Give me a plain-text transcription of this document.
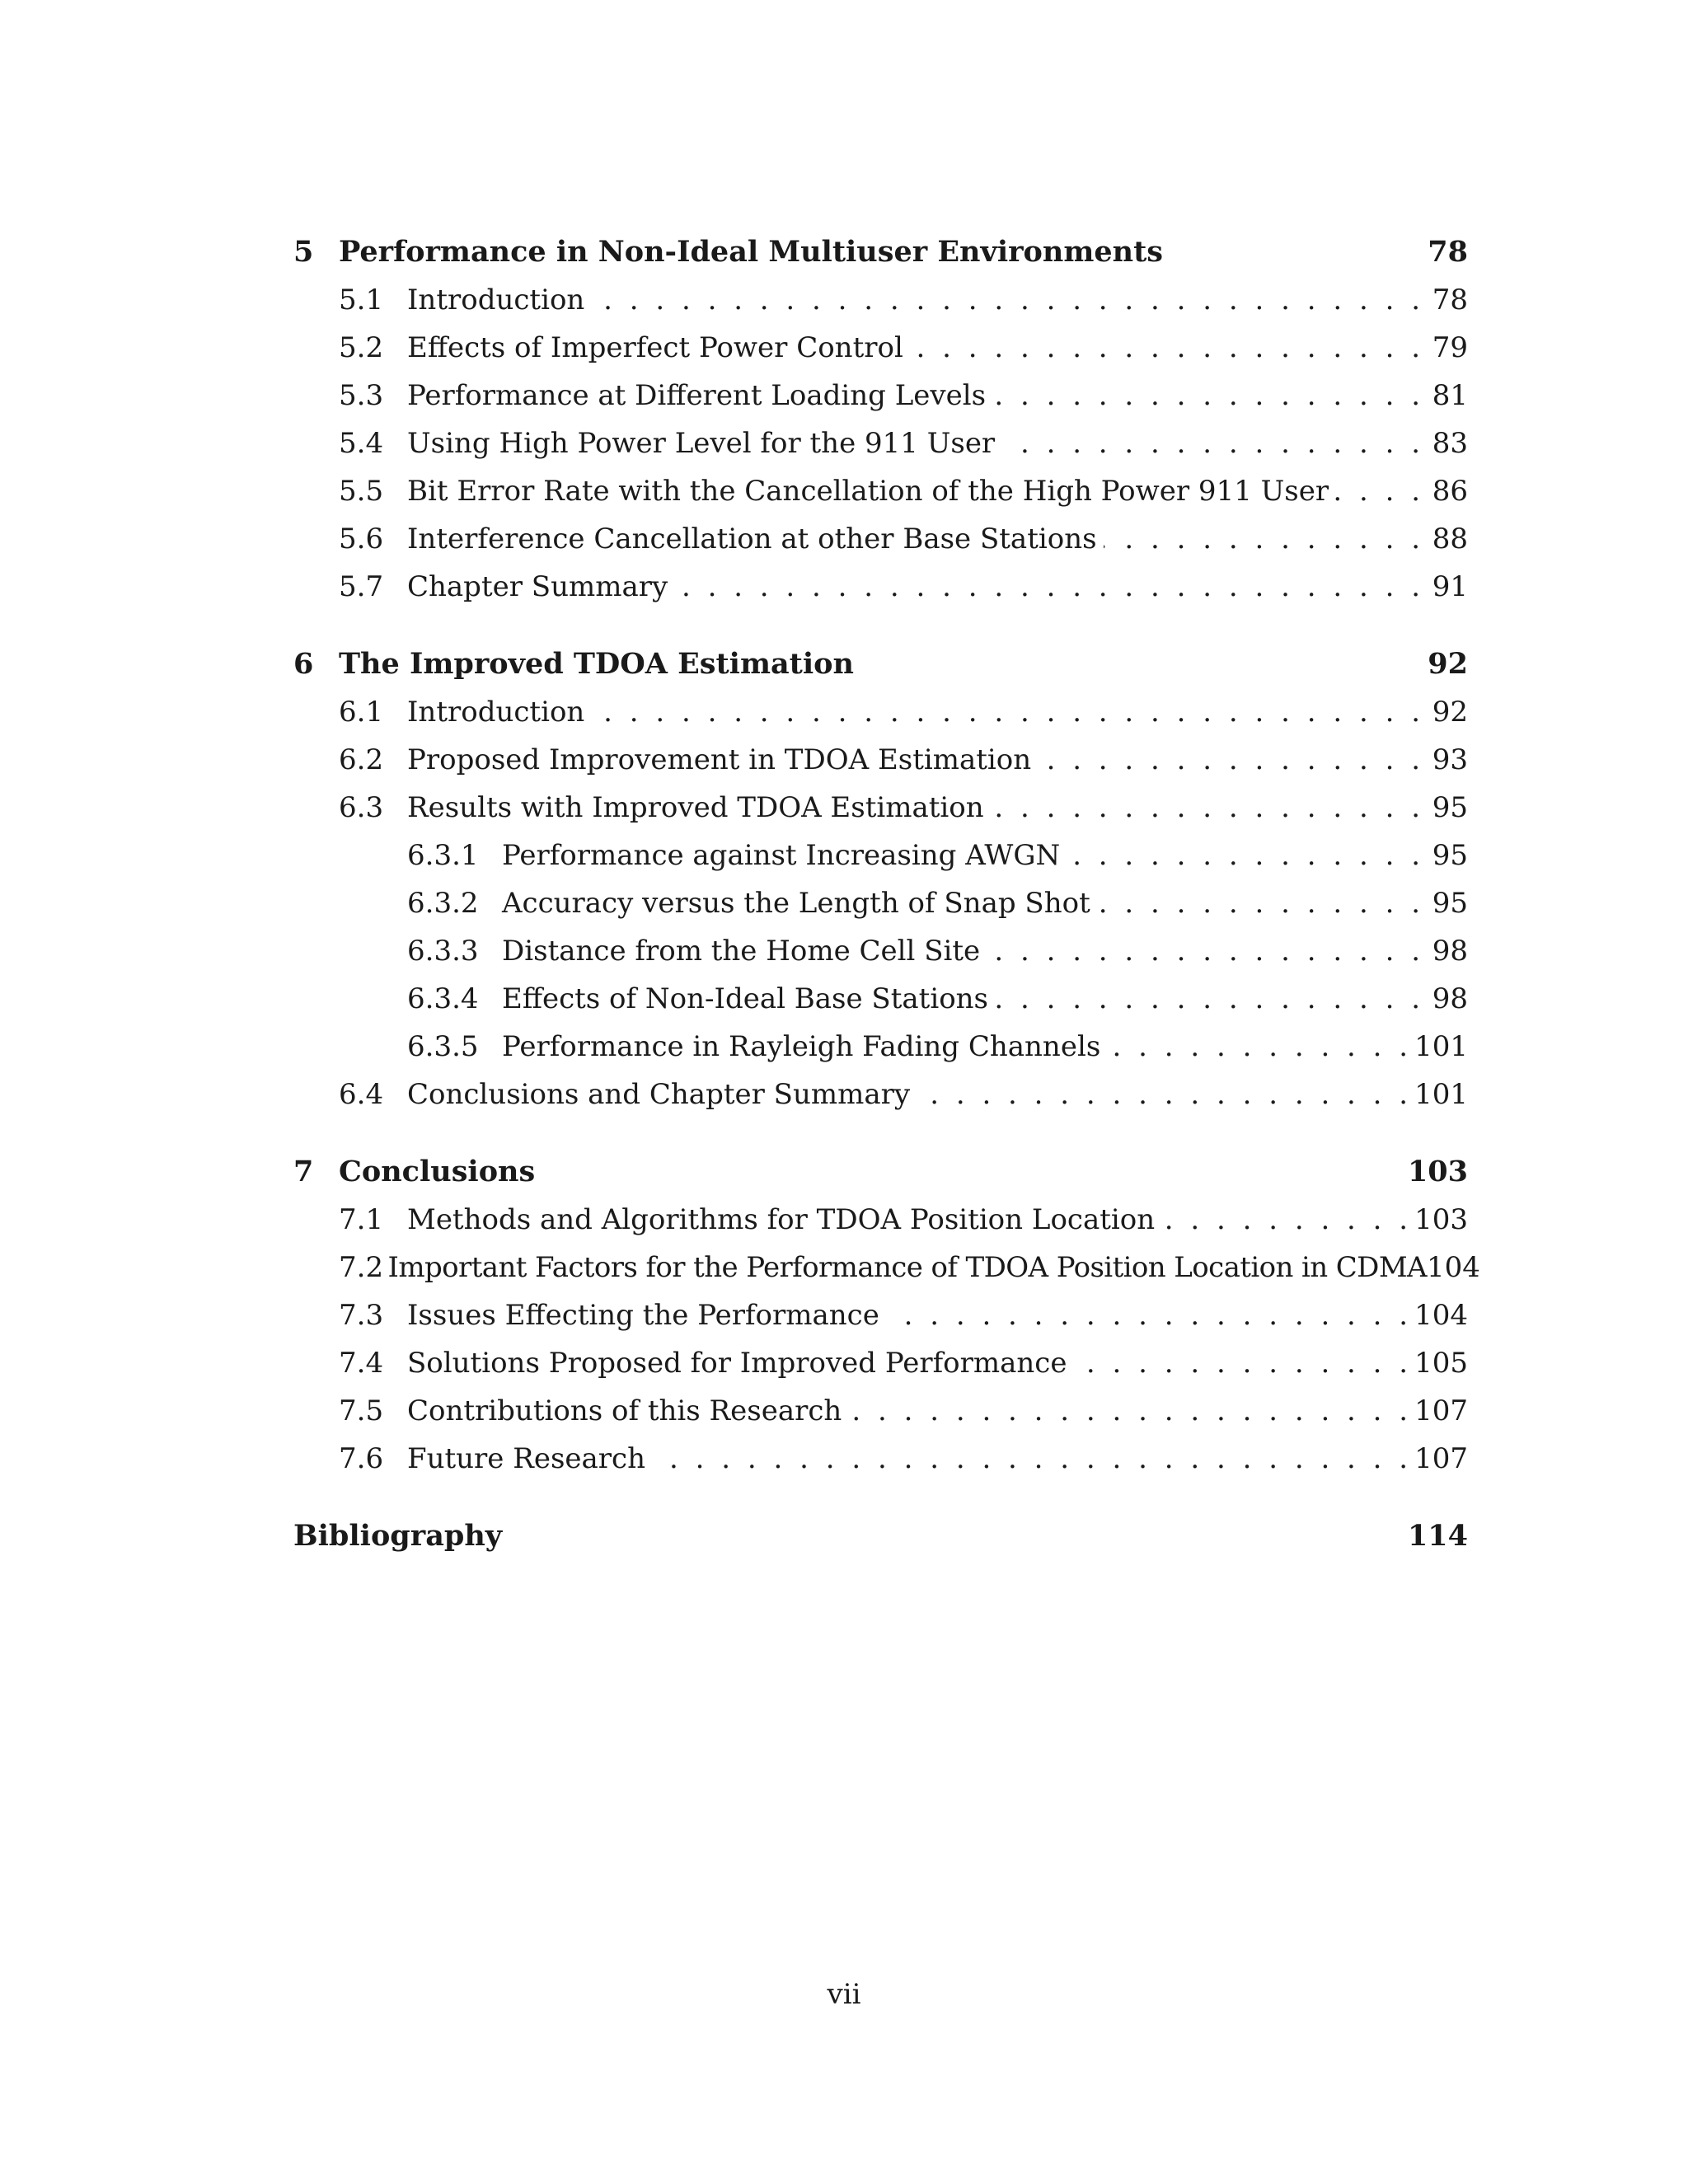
5 Performance in Non-Ideal Multiuser Environments	78
5.1 Introduction . . .	78
5.2 Effects of Imperfect Power Control . . .	79
5.3 Performance at Different Loading Levels . . .	81
5.4 Using High Power Level for the 911 User . . .	83
5.5 Bit Error Rate with the Cancellation of the High Power 911 User . . .	86
5.6 Interference Cancellation at other Base Stations . . .	88
5.7 Chapter Summary . . .	91
6 The Improved TDOA Estimation	92
6.1 Introduction . . .	92
6.2 Proposed Improvement in TDOA Estimation . . .	93
6.3 Results with Improved TDOA Estimation . . .	95
6.3.1 Performance against Increasing AWGN . . .	95
6.3.2 Accuracy versus the Length of Snap Shot . . .	95
6.3.3 Distance from the Home Cell Site . . .	98
6.3.4 Effects of Non-Ideal Base Stations . . .	98
6.3.5 Performance in Rayleigh Fading Channels . . .	101
6.4 Conclusions and Chapter Summary . . .	101
7 Conclusions	103
7.1 Methods and Algorithms for TDOA Position Location . . .	103
7.2 Important Factors for the Performance of TDOA Position Location in CDMA 104
7.3 Issues Effecting the Performance . . .	104
7.4 Solutions Proposed for Improved Performance . . .	105
7.5 Contributions of this Research . . .	107
7.6 Future Research . . .	107
Bibliography	114
vii
